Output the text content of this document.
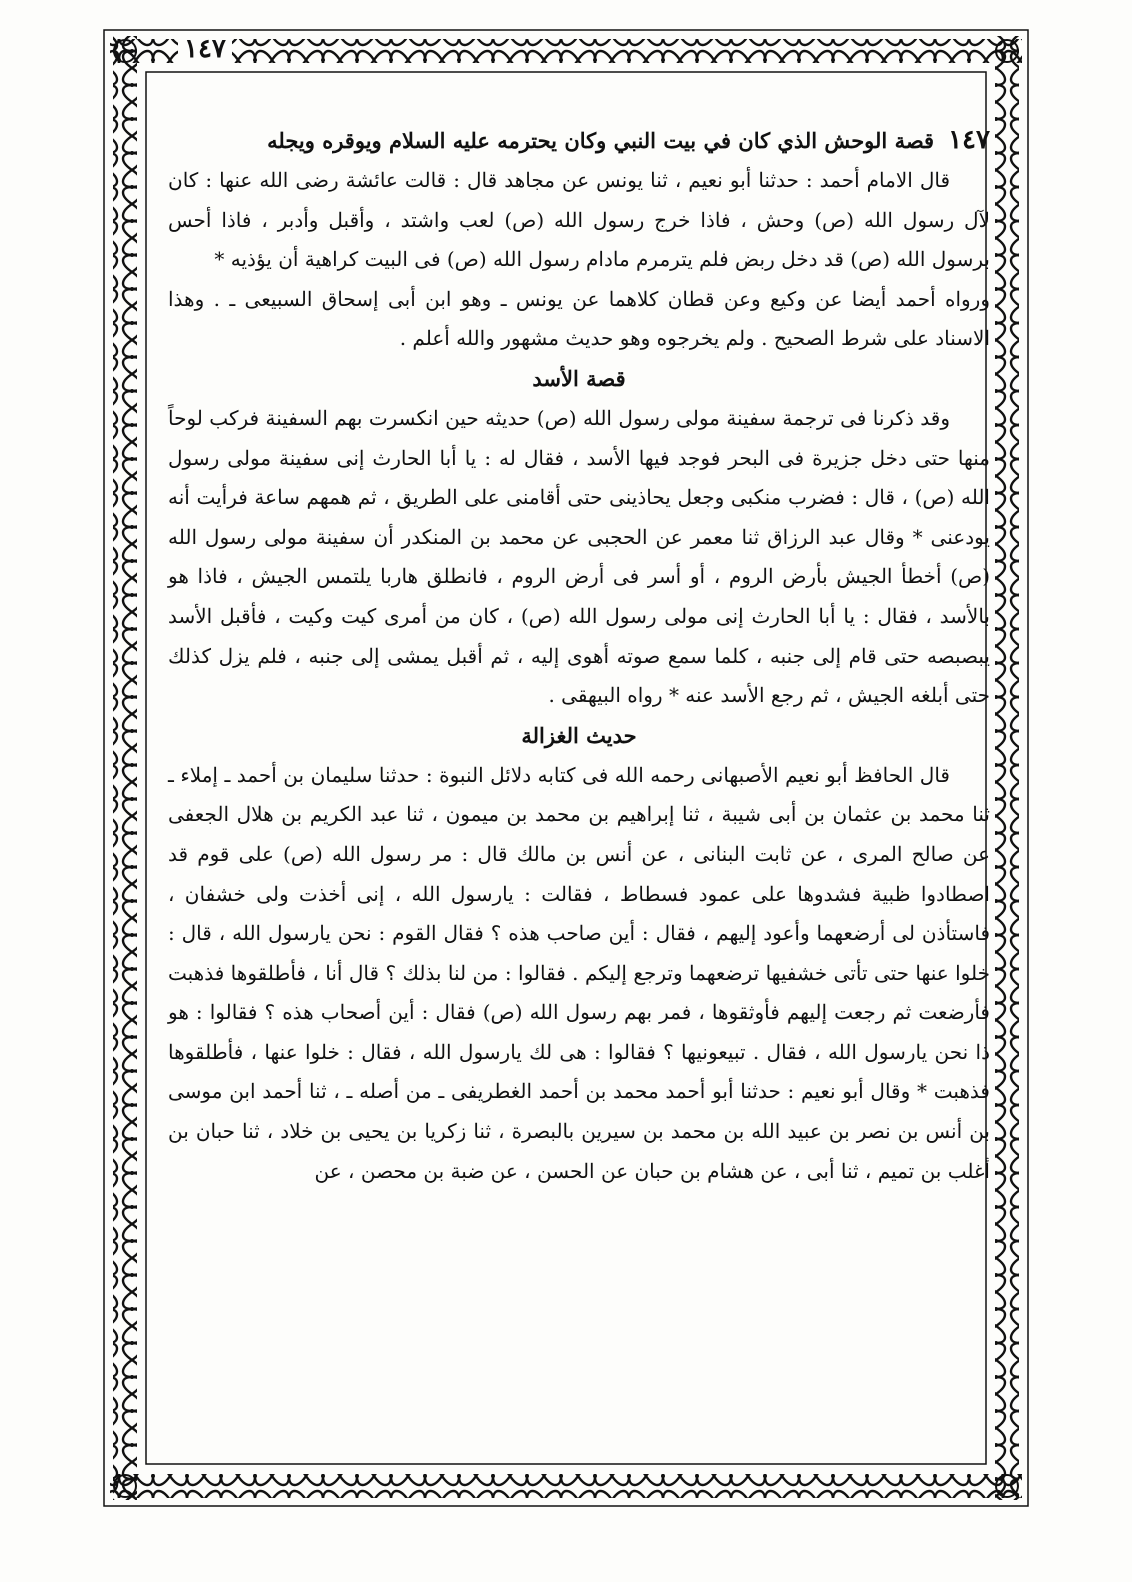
١٤٧
١٤٧
قصة الوحش الذي كان في بيت النبي وكان يحترمه عليه السلام ويوقره ويجله

قال الامام أحمد : حدثنا أبو نعيم ، ثنا يونس عن مجاهد قال : قالت عائشة رضى الله عنها : كان لآل رسول الله (ص) وحش ، فاذا خرج رسول الله (ص) لعب واشتد ، وأقبل وأدبر ، فاذا أحس برسول الله (ص) قد دخل ربض فلم يترمرم مادام رسول الله (ص) فى البيت كراهية أن يؤذيه *

ورواه أحمد أيضا عن وكيع وعن قطان كلاهما عن يونس ـ وهو ابن أبى إسحاق السبيعى ـ . وهذا الاسناد على شرط الصحيح . ولم يخرجوه وهو حديث مشهور والله أعلم .

قصة الأسد

وقد ذكرنا فى ترجمة سفينة مولى رسول الله (ص) حديثه حين انكسرت بهم السفينة فركب لوحاً منها حتى دخل جزيرة فى البحر فوجد فيها الأسد ، فقال له : يا أبا الحارث إنى سفينة مولى رسول الله (ص) ، قال : فضرب منكبى وجعل يحاذينى حتى أقامنى على الطريق ، ثم همهم ساعة فرأيت أنه يودعنى * وقال عبد الرزاق ثنا معمر عن الحجبى عن محمد بن المنكدر أن سفينة مولى رسول الله (ص) أخطأ الجيش بأرض الروم ، أو أسر فى أرض الروم ، فانطلق هاربا يلتمس الجيش ، فاذا هو بالأسد ، فقال : يا أبا الحارث إنى مولى رسول الله (ص) ، كان من أمرى كيت وكيت ، فأقبل الأسد يبصبصه حتى قام إلى جنبه ، كلما سمع صوته أهوى إليه ، ثم أقبل يمشى إلى جنبه ، فلم يزل كذلك حتى أبلغه الجيش ، ثم رجع الأسد عنه * رواه البيهقى .

حديث الغزالة

قال الحافظ أبو نعيم الأصبهانى رحمه الله فى كتابه دلائل النبوة : حدثنا سليمان بن أحمد ـ إملاء ـ ثنا محمد بن عثمان بن أبى شيبة ، ثنا إبراهيم بن محمد بن ميمون ، ثنا عبد الكريم بن هلال الجعفى عن صالح المرى ، عن ثابت البنانى ، عن أنس بن مالك قال : مر رسول الله (ص) على قوم قد اصطادوا ظبية فشدوها على عمود فسطاط ، فقالت : يارسول الله ، إنى أخذت ولى خشفان ، فاستأذن لى أرضعهما وأعود إليهم ، فقال : أين صاحب هذه ؟ فقال القوم : نحن يارسول الله ، قال : خلوا عنها حتى تأتى خشفيها ترضعهما وترجع إليكم . فقالوا : من لنا بذلك ؟ قال أنا ، فأطلقوها فذهبت فأرضعت ثم رجعت إليهم فأوثقوها ، فمر بهم رسول الله (ص) فقال : أين أصحاب هذه ؟ فقالوا : هو ذا نحن يارسول الله ، فقال . تبيعونيها ؟ فقالوا : هى لك يارسول الله ، فقال : خلوا عنها ، فأطلقوها فذهبت * وقال أبو نعيم : حدثنا أبو أحمد محمد بن أحمد الغطريفى ـ من أصله ـ ، ثنا أحمد ابن موسى بن أنس بن نصر بن عبيد الله بن محمد بن سيرين بالبصرة ، ثنا زكريا بن يحيى بن خلاد ، ثنا حبان بن أغلب بن تميم ، ثنا أبى ، عن هشام بن حبان عن الحسن ، عن ضبة بن محصن ، عن
